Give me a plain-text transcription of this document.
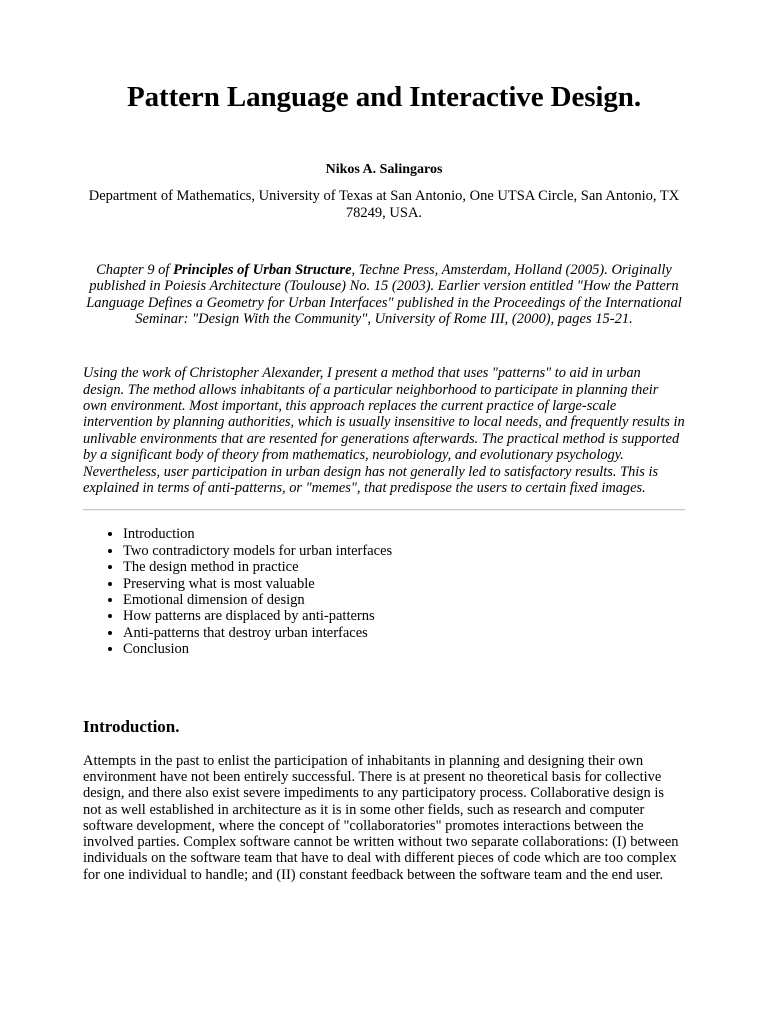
Pattern Language and Interactive Design.

Nikos A. Salingaros

Department of Mathematics, University of Texas at San Antonio, One UTSA Circle, San Antonio, TX 78249, USA.

Chapter 9 of Principles of Urban Structure, Techne Press, Amsterdam, Holland (2005). Originally published in Poiesis Architecture (Toulouse) No. 15 (2003). Earlier version entitled "How the Pattern Language Defines a Geometry for Urban Interfaces" published in the Proceedings of the International Seminar: "Design With the Community", University of Rome III, (2000), pages 15-21.

Using the work of Christopher Alexander, I present a method that uses "patterns" to aid in urban design. The method allows inhabitants of a particular neighborhood to participate in planning their own environment. Most important, this approach replaces the current practice of large-scale intervention by planning authorities, which is usually insensitive to local needs, and frequently results in unlivable environments that are resented for generations afterwards. The practical method is supported by a significant body of theory from mathematics, neurobiology, and evolutionary psychology. Nevertheless, user participation in urban design has not generally led to satisfactory results. This is explained in terms of anti-patterns, or "memes", that predispose the users to certain fixed images.

• Introduction
• Two contradictory models for urban interfaces
• The design method in practice
• Preserving what is most valuable
• Emotional dimension of design
• How patterns are displaced by anti-patterns
• Anti-patterns that destroy urban interfaces
• Conclusion
Introduction.

Attempts in the past to enlist the participation of inhabitants in planning and designing their own environment have not been entirely successful. There is at present no theoretical basis for collective design, and there also exist severe impediments to any participatory process. Collaborative design is not as well established in architecture as it is in some other fields, such as research and computer software development, where the concept of "collaboratories" promotes interactions between the involved parties. Complex software cannot be written without two separate collaborations: (I) between individuals on the software team that have to deal with different pieces of code which are too complex for one individual to handle; and (II) constant feedback between the software team and the end user.
